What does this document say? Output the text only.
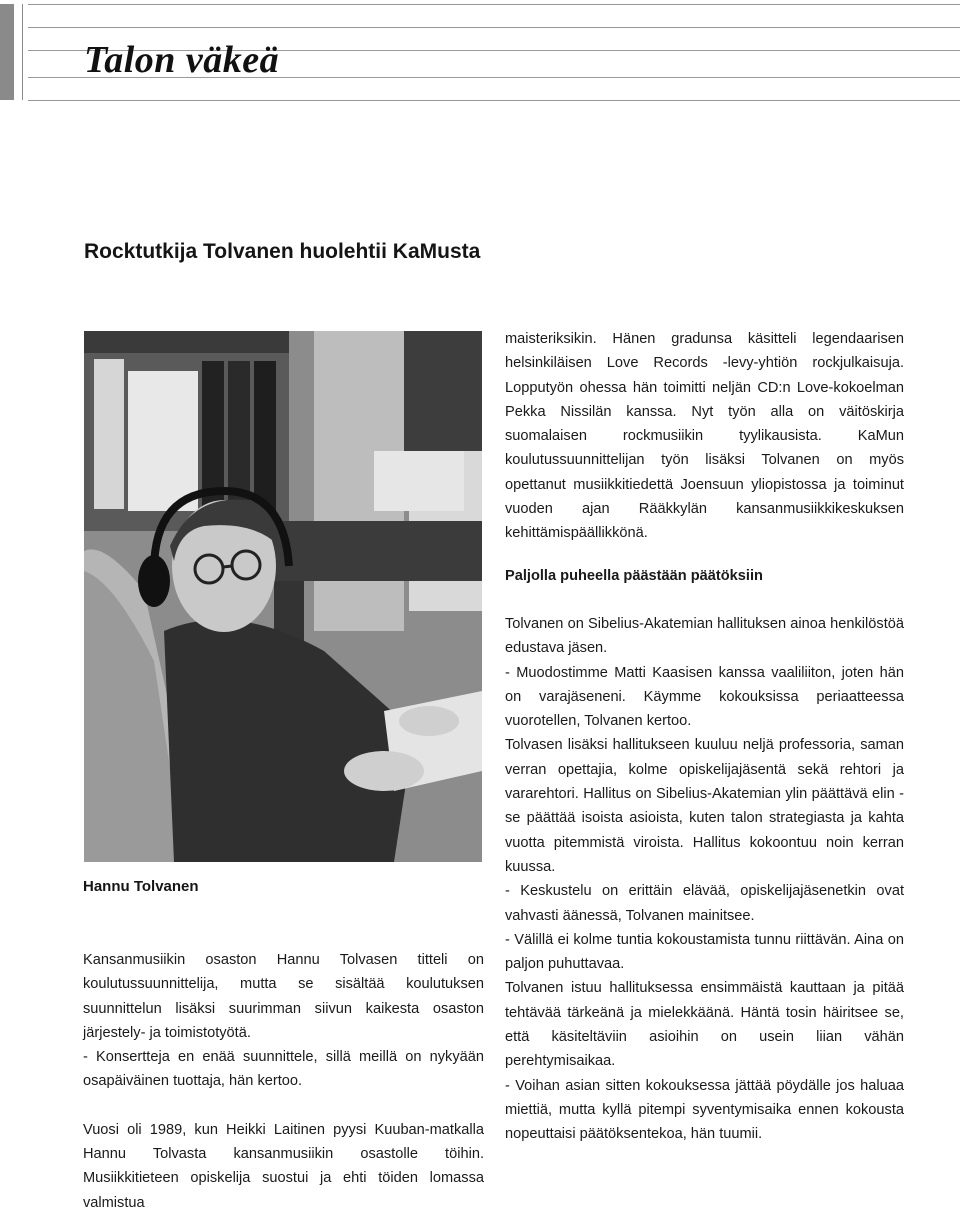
Talon väkeä
Rocktutkija Tolvanen huolehtii KaMusta

maisteriksikin. Hänen gradunsa käsitteli legendaarisen helsinkiläisen Love Records -levy-yhtiön rockjulkaisuja. Lopputyön ohessa hän toimitti neljän CD:n Love-kokoelman Pekka Nissilän kanssa. Nyt työn alla on väitöskirja suomalaisen rockmusiikin tyylikausista. KaMun koulutussuunnittelijan työn lisäksi Tolvanen on myös opettanut musiikkitiedettä Joensuun yliopistossa ja toiminut vuoden ajan Rääkkylän kansanmusiikkikeskuksen kehittämispäällikkönä.

Paljolla puheella päästään päätöksiin

Tolvanen on Sibelius-Akatemian hallituksen ainoa henkilöstöä edustava jäsen.

- Muodostimme Matti Kaasisen kanssa vaaliliiton, joten hän on varajäseneni. Käymme kokouksissa periaatteessa vuorotellen, Tolvanen kertoo.

Tolvasen lisäksi hallitukseen kuuluu neljä professoria, saman verran opettajia, kolme opiskelijajäsentä sekä rehtori ja vararehtori. Hallitus on Sibelius-Akatemian ylin päättävä elin - se päättää isoista asioista, kuten talon strategiasta ja kahta vuotta pitemmistä viroista. Hallitus kokoontuu noin kerran kuussa.

- Keskustelu on erittäin elävää, opiskelijajäsenetkin ovat vahvasti äänessä, Tolvanen mainitsee.

- Välillä ei kolme tuntia kokoustamista tunnu riittävän. Aina on paljon puhuttavaa.

Tolvanen istuu hallituksessa ensimmäistä kauttaan ja pitää tehtävää tärkeänä ja mielekkäänä. Häntä tosin häiritsee se, että käsiteltäviin asioihin on usein liian vähän perehtymisaikaa.

- Voihan asian sitten kokouksessa jättää pöydälle jos haluaa miettiä, mutta kyllä pitempi syventymisaika ennen kokousta nopeuttaisi päätöksentekoa, hän tuumii.

Hannu Tolvanen

Kansanmusiikin osaston Hannu Tolvasen titteli on koulutussuunnittelija, mutta se sisältää koulutuksen suunnittelun lisäksi suurimman siivun kaikesta osaston järjestely- ja toimistotyötä.

- Konsertteja en enää suunnittele, sillä meillä on nykyään osapäiväinen tuottaja, hän kertoo.

Vuosi oli 1989, kun Heikki Laitinen pyysi Kuuban-matkalla Hannu Tolvasta kansanmusiikin osastolle töihin. Musiikkitieteen opiskelija suostui ja ehti töiden lomassa valmistua
